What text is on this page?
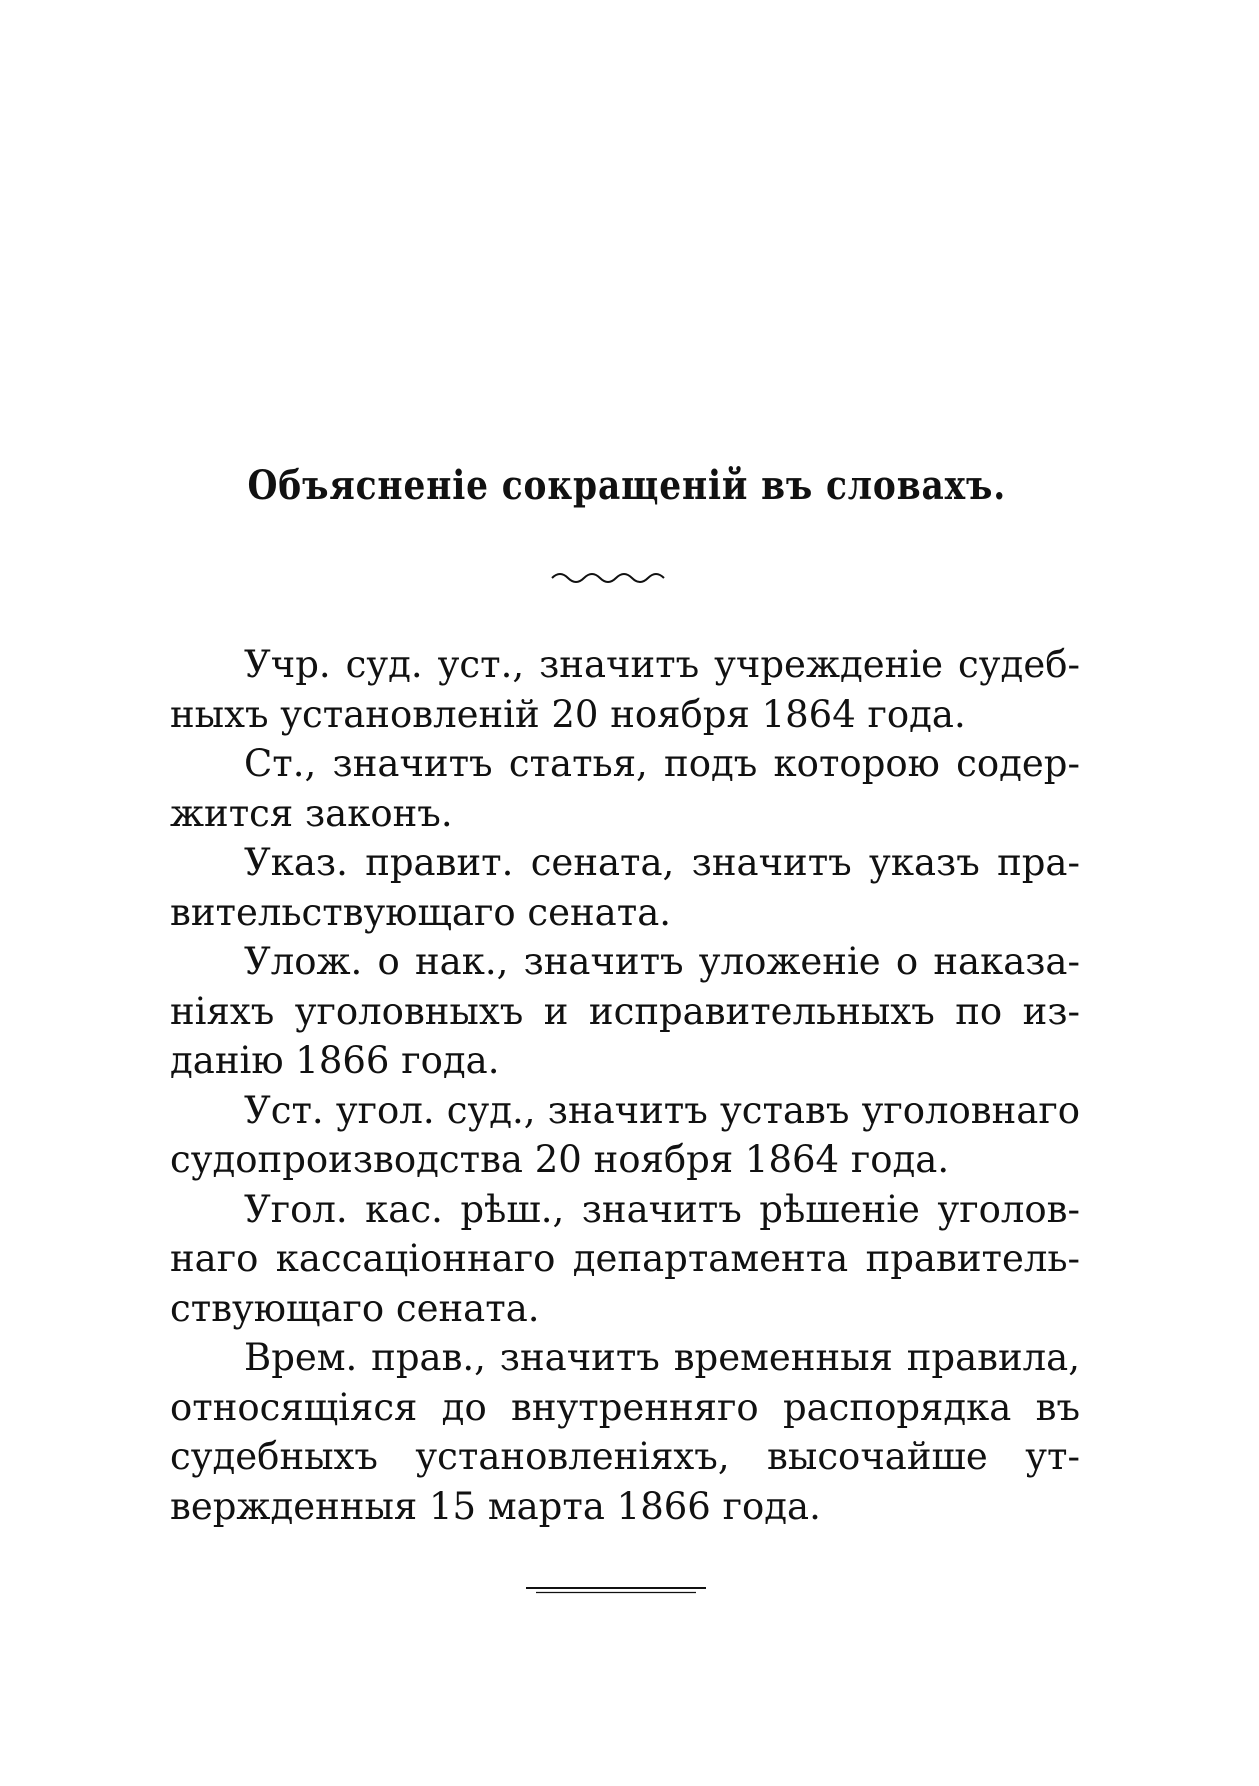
Объясненіе сокращеній въ словахъ.
Учр. суд. уст., значитъ учрежденіе судеб-
ныхъ установленій 20 ноября 1864 года.
Ст., значитъ статья, подъ которою содер-
жится законъ.
Указ. правит. сената, значитъ указъ пра-
вительствующаго сената.
Улож. о нак., значитъ уложеніе о наказа-
ніяхъ уголовныхъ и исправительныхъ по из-
данію 1866 года.
Уст. угол. суд., значитъ уставъ уголовнаго
судопроизводства 20 ноября 1864 года.
Угол. кас. рѣш., значитъ рѣшеніе уголов-
наго кассаціоннаго департамента правитель-
ствующаго сената.
Врем. прав., значитъ временныя правила,
относящіяся до внутренняго распорядка въ
судебныхъ установленіяхъ, высочайше ут-
вержденныя 15 марта 1866 года.
